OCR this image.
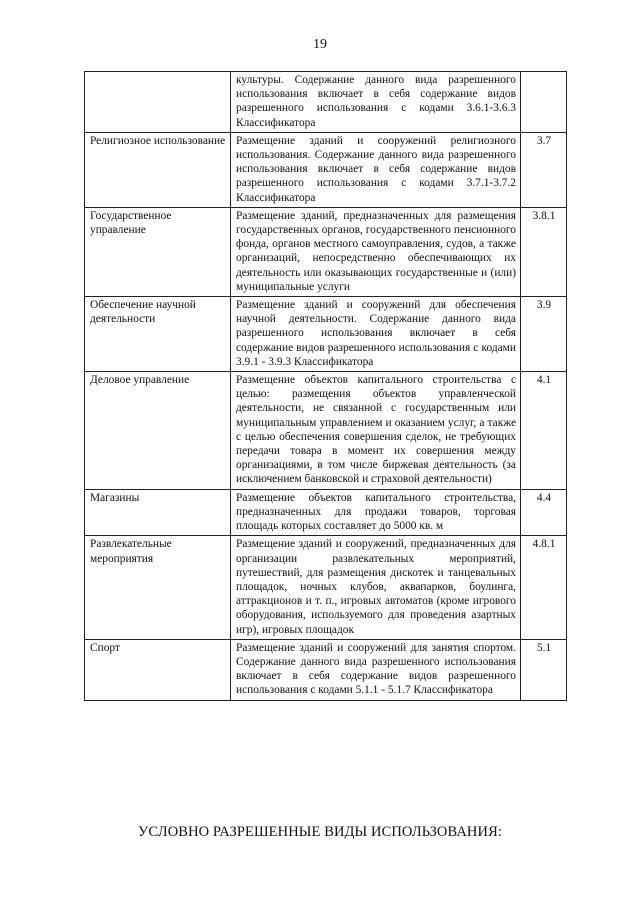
19
	культуры. Содержание данного вида разрешенного использования включает в себя содержание видов разрешенного использования с кодами 3.6.1-3.6.3 Классификатора	
Религиозное использование	Размещение зданий и сооружений религиозного использования. Содержание данного вида разрешенного использования включает в себя содержание видов разрешенного использования с кодами 3.7.1-3.7.2 Классификатора	3.7
Государственное управление	Размещение зданий, предназначенных для размещения государственных органов, государственного пенсионного фонда, органов местного самоуправления, судов, а также организаций, непосредственно обеспечивающих их деятельность или оказывающих государственные и (или) муниципальные услуги	3.8.1
Обеспечение научной деятельности	Размещение зданий и сооружений для обеспечения научной деятельности. Содержание данного вида разрешенного использования включает в себя содержание видов разрешенного использования с кодами 3.9.1 - 3.9.3 Классификатора	3.9
Деловое управление	Размещение объектов капитального строительства с целью: размещения объектов управленческой деятельности, не связанной с государственным или муниципальным управлением и оказанием услуг, а также с целью обеспечения совершения сделок, не требующих передачи товара в момент их совершения между организациями, в том числе биржевая деятельность (за исключением банковской и страховой деятельности)	4.1
Магазины	Размещение объектов капитального строительства, предназначенных для продажи товаров, торговая площадь которых составляет до 5000 кв. м	4.4
Развлекательные мероприятия	Размещение зданий и сооружений, предназначенных для организации развлекательных мероприятий, путешествий, для размещения дискотек и танцевальных площадок, ночных клубов, аквапарков, боулинга, аттракционов и т. п., игровых автоматов (кроме игрового оборудования, используемого для проведения азартных игр), игровых площадок	4.8.1
Спорт	Размещение зданий и сооружений для занятия спортом. Содержание данного вида разрешенного использования включает в себя содержание видов разрешенного использования с кодами 5.1.1 - 5.1.7 Классификатора	5.1
УСЛОВНО РАЗРЕШЕННЫЕ ВИДЫ ИСПОЛЬЗОВАНИЯ:
